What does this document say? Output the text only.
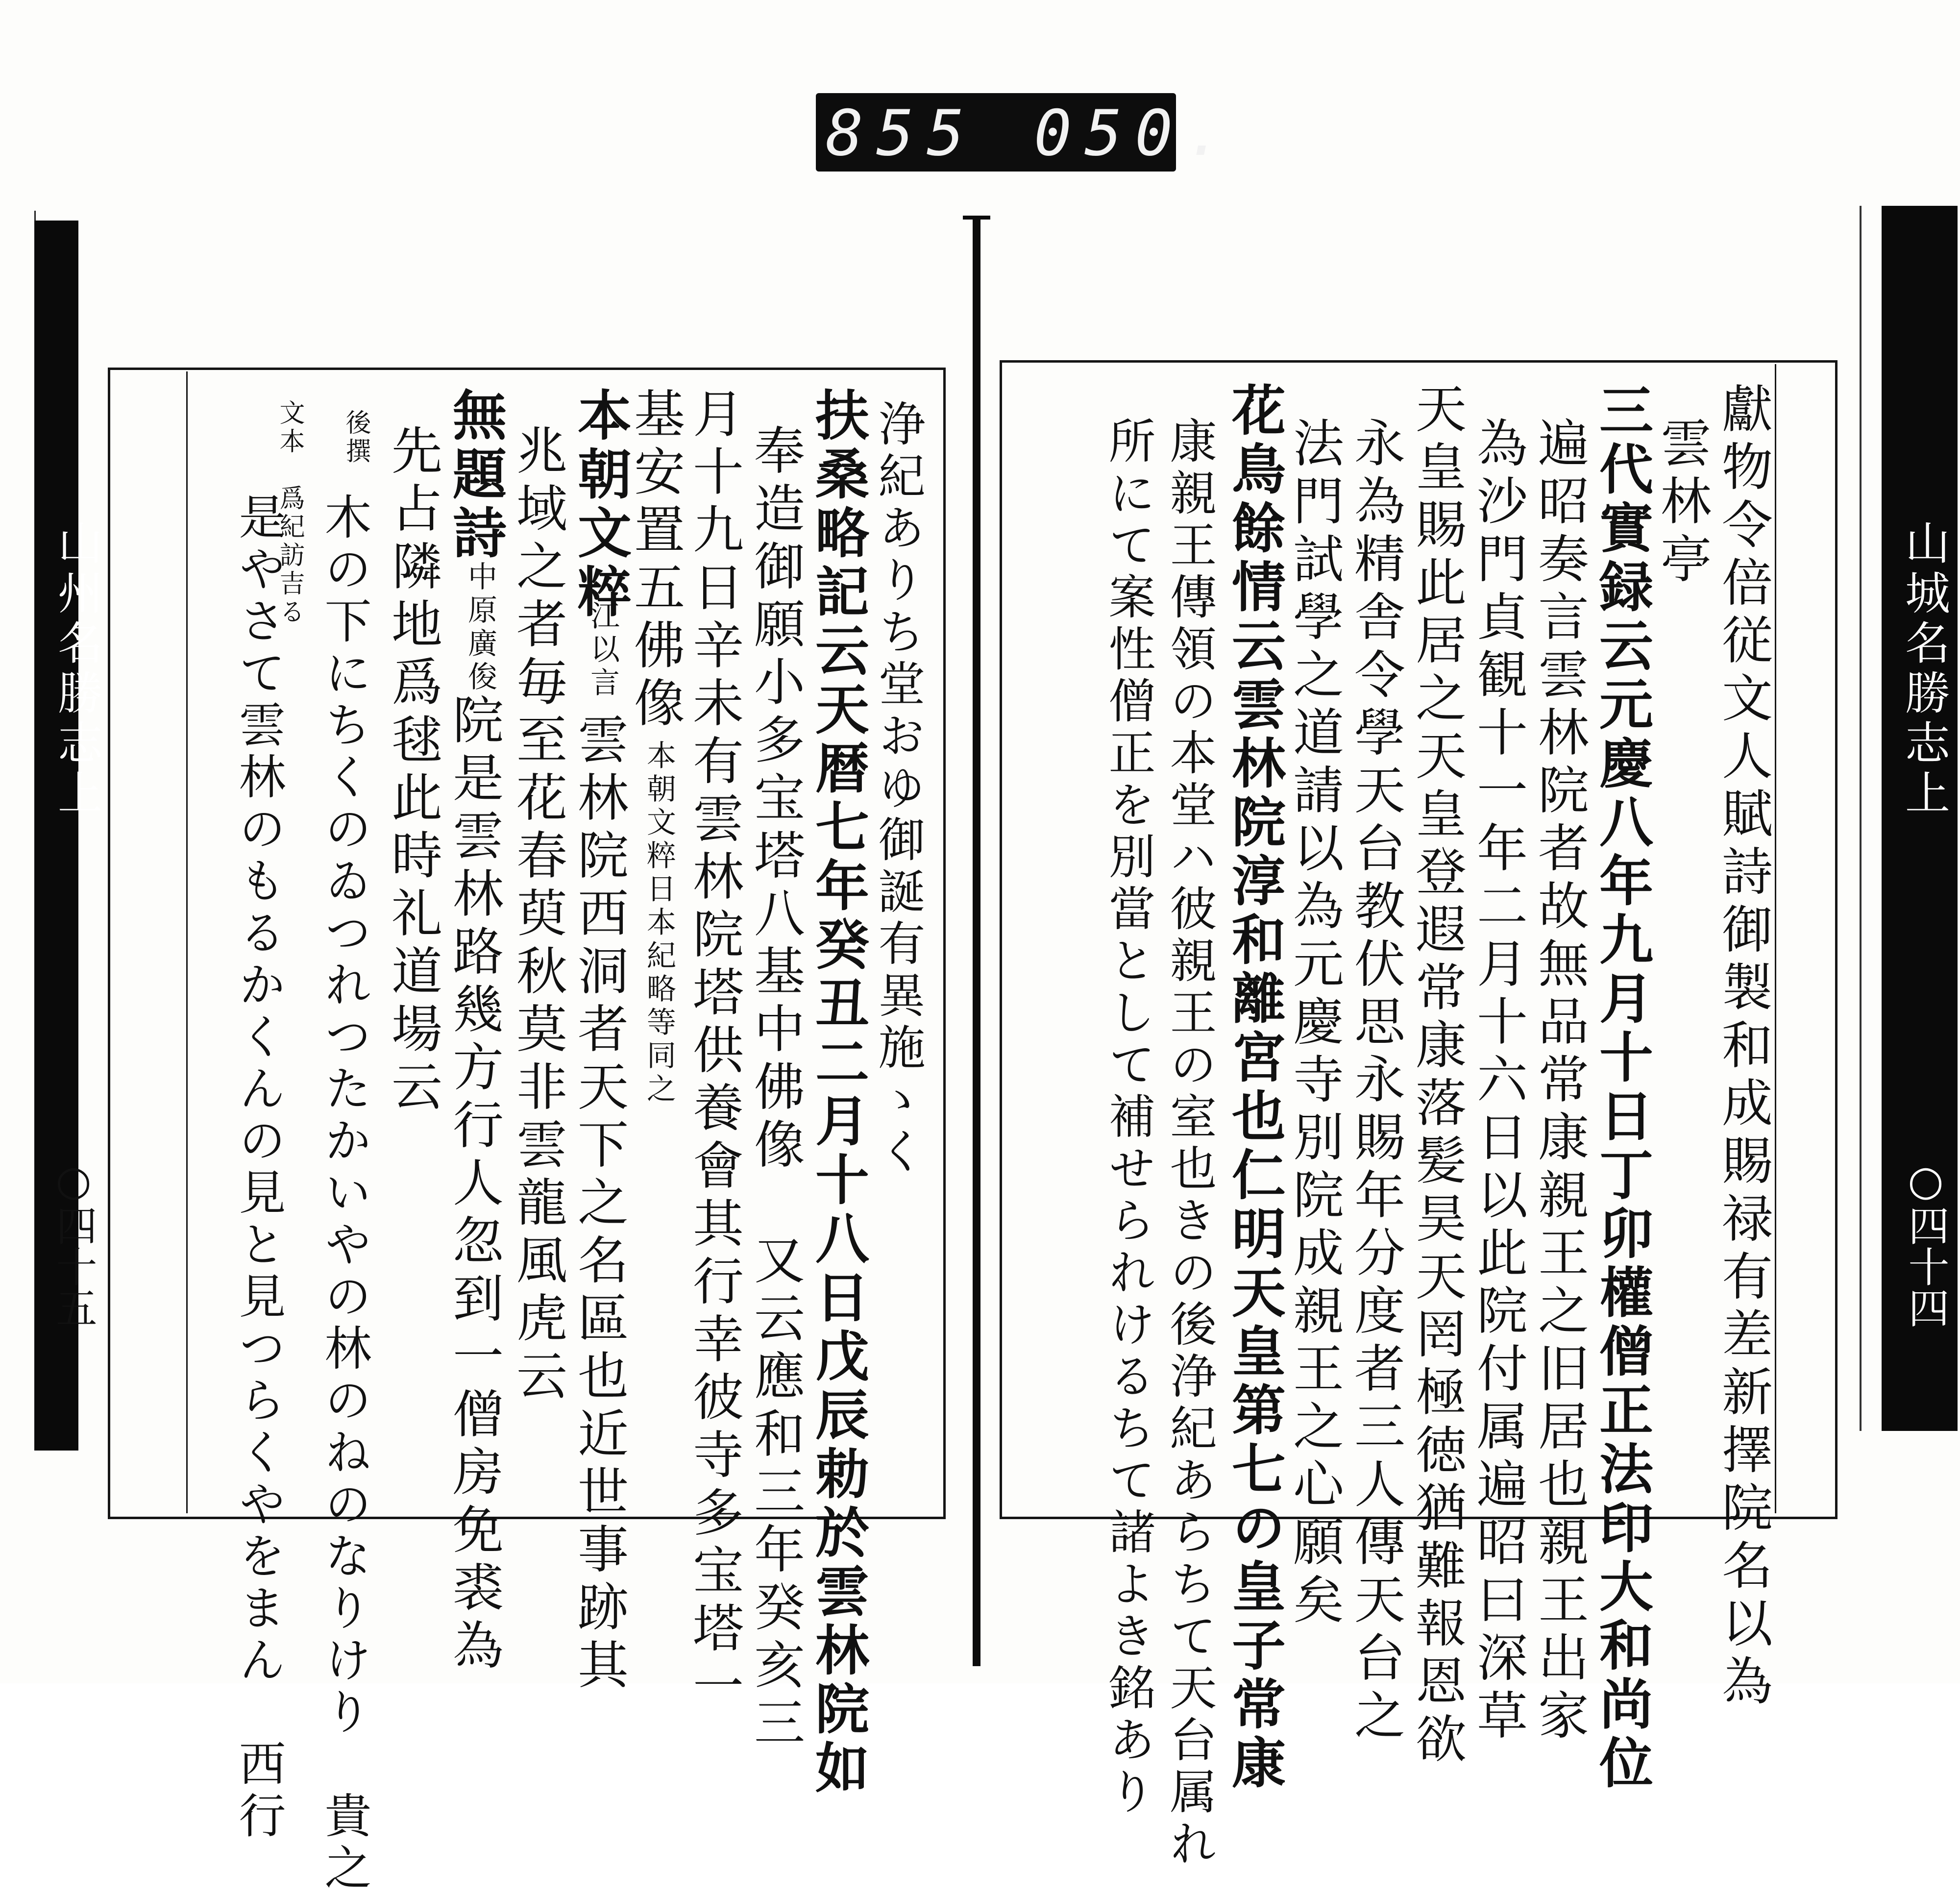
855 050.
山州名勝志上
○四十五
山城名勝志上
○四十四
浄紀ありち堂おゆ御誕有異施ゝく
扶桑略記云天暦七年癸丑二月十八日戊辰勅於雲林院如
奉造御願小多宝塔八基中佛像　又云應和三年癸亥三
月十九日辛未有雲林院塔供養會其行幸彼寺多宝塔一
基安置五佛像
本朝文粹日本紀略等同之
本朝文粹
江以言
雲林院西洞者天下之名區也近世事跡其
兆域之者毎至花春萸秋莫非雲龍風虎云
無題詩
中原廣俊
院是雲林路幾方行人忽到一僧房免裘為
先占隣地爲毬此時礼道場云
後撰
木の下にちくのゐつれつたかいやの林のねのなりけり　貴之
文本　爲紀訪吉る
是やさて雲林のもるかくんの見と見つらくやをまん　西行	獻物令倍従文人賦詩御製和成賜禄有差新擇院名以為
雲林亭
三代實録云元慶八年九月十日丁卯權僧正法印大和尚位
遍昭奏言雲林院者故無品常康親王之旧居也親王出家
為沙門貞観十一年二月十六日以此院付属遍昭曰深草
天皇賜此居之天皇登遐常康落髪昊天罔極徳猶難報恩欲
永為精舎令學天台教伏思永賜年分度者三人傳天台之
法門試學之道請以為元慶寺別院成親王之心願矣
花鳥餘情云雲林院淳和離宮也仁明天皇第七の皇子常康
康親王傳領の本堂ハ彼親王の室也きの後浄紀あらちて天台属れ
所にて案性僧正を別當として補せられけるちて諸よき銘あり
